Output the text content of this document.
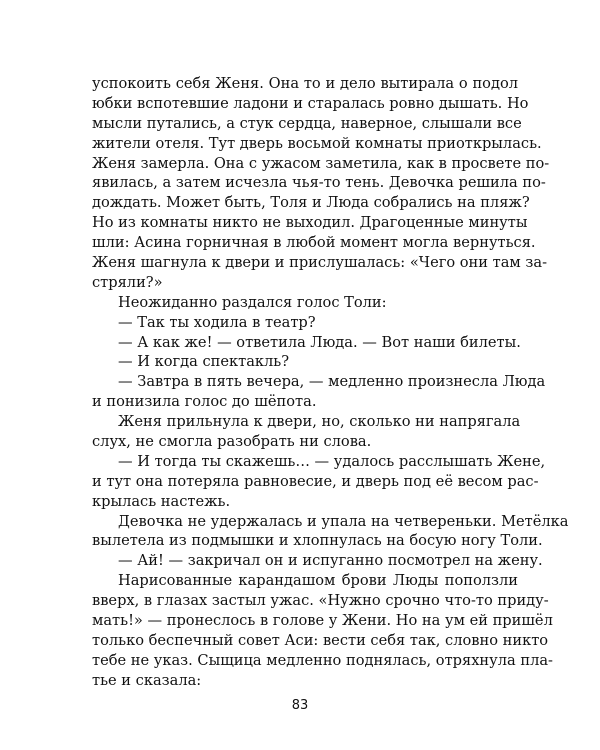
успокоить себя Женя. Она то и дело вытирала о подол
юбки вспотевшие ладони и старалась ровно дышать. Но
мысли путались, а стук сердца, наверное, слышали все
жители отеля. Тут дверь восьмой комнаты приоткрылась.
Женя замерла. Она с ужасом заметила, как в просвете по-
явилась, а затем исчезла чья-то тень. Девочка решила по-
дождать. Может быть, Толя и Люда собрались на пляж?
Но из комнаты никто не выходил. Драгоценные минуты
шли: Асина горничная в любой момент могла вернуться.
Женя шагнула к двери и прислушалась: «Чего они там за-
стряли?»
Неожиданно раздался голос Толи:
— Так ты ходила в театр?
— А как же! — ответила Люда. — Вот наши билеты.
— И когда спектакль?
— Завтра в пять вечера, — медленно произнесла Люда
и понизила голос до шёпота.
Женя прильнула к двери, но, сколько ни напрягала
слух, не смогла разобрать ни слова.
— И тогда ты скажешь… — удалось расслышать Жене,
и тут она потеряла равновесие, и дверь под её весом рас-
крылась настежь.
Девочка не удержалась и упала на четвереньки. Метёлка
вылетела из подмышки и хлопнулась на босую ногу Толи.
— Ай! — закричал он и испуганно посмотрел на жену.
Нарисованные карандашом брови Люды поползли
вверх, в глазах застыл ужас. «Нужно срочно что-то приду-
мать!» — пронеслось в голове у Жени. Но на ум ей пришёл
только беспечный совет Аси: вести себя так, словно никто
тебе не указ. Сыщица медленно поднялась, отряхнула пла-
тье и сказала:
83
